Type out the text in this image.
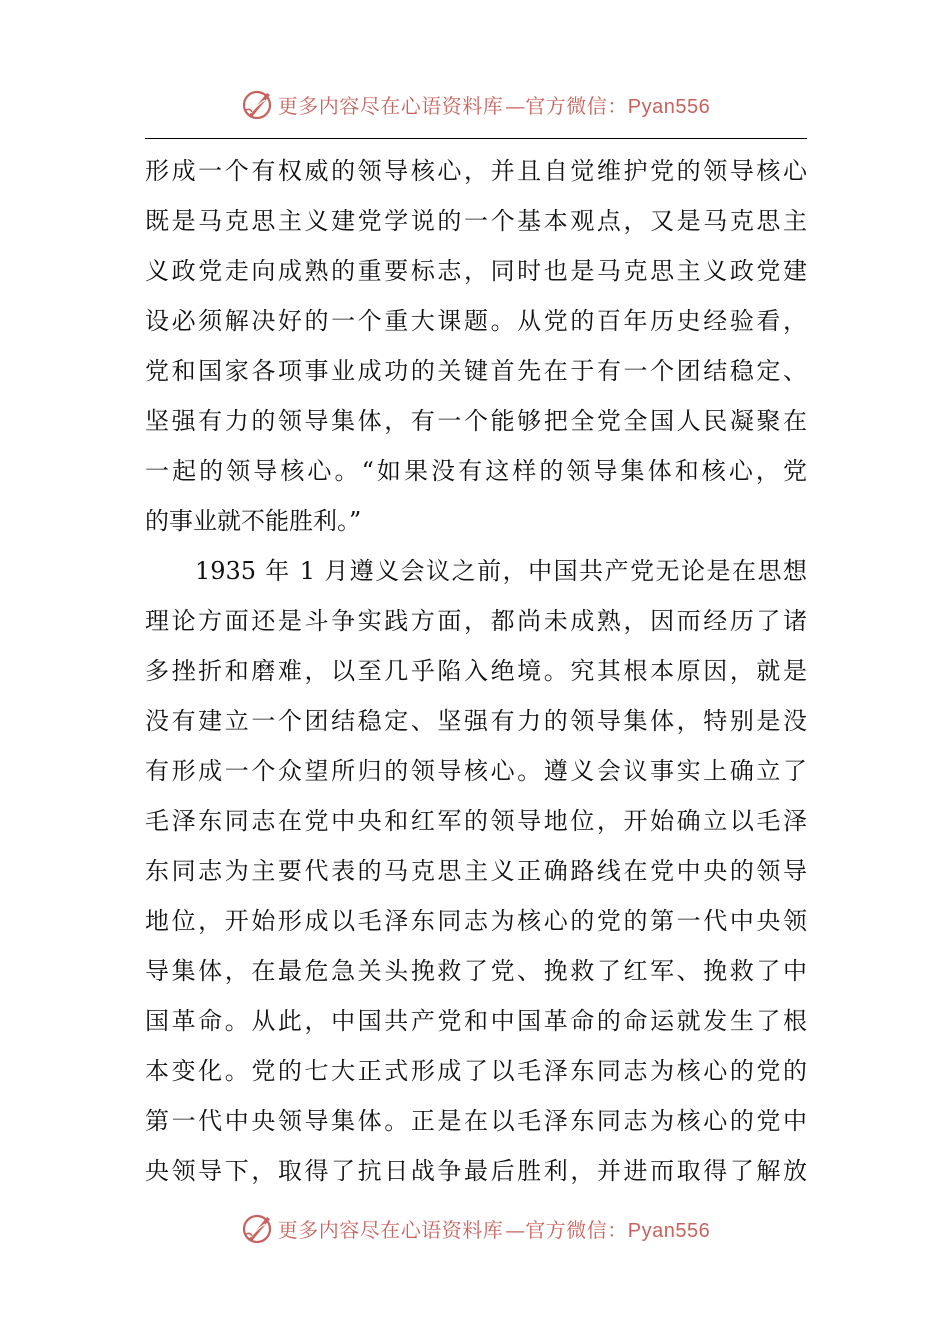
更多内容尽在心语资料库 — 官方微信：Pyan556

形成一个有权威的领导核心，并且自觉维护党的领导核心
既是马克思主义建党学说的一个基本观点，又是马克思主
义政党走向成熟的重要标志，同时也是马克思主义政党建
设必须解决好的一个重大课题。从党的百年历史经验看，
党和国家各项事业成功的关键首先在于有一个团结稳定、
坚强有力的领导集体，有一个能够把全党全国人民凝聚在
一起的领导核心。“如果没有这样的领导集体和核心，党
的事业就不能胜利。”

1935 年 1 月遵义会议之前，中国共产党无论是在思想
理论方面还是斗争实践方面，都尚未成熟，因而经历了诸
多挫折和磨难，以至几乎陷入绝境。究其根本原因，就是
没有建立一个团结稳定、坚强有力的领导集体，特别是没
有形成一个众望所归的领导核心。遵义会议事实上确立了
毛泽东同志在党中央和红军的领导地位，开始确立以毛泽
东同志为主要代表的马克思主义正确路线在党中央的领导
地位，开始形成以毛泽东同志为核心的党的第一代中央领
导集体，在最危急关头挽救了党、挽救了红军、挽救了中
国革命。从此，中国共产党和中国革命的命运就发生了根
本变化。党的七大正式形成了以毛泽东同志为核心的党的
第一代中央领导集体。正是在以毛泽东同志为核心的党中
央领导下，取得了抗日战争最后胜利，并进而取得了解放

更多内容尽在心语资料库 — 官方微信：Pyan556
